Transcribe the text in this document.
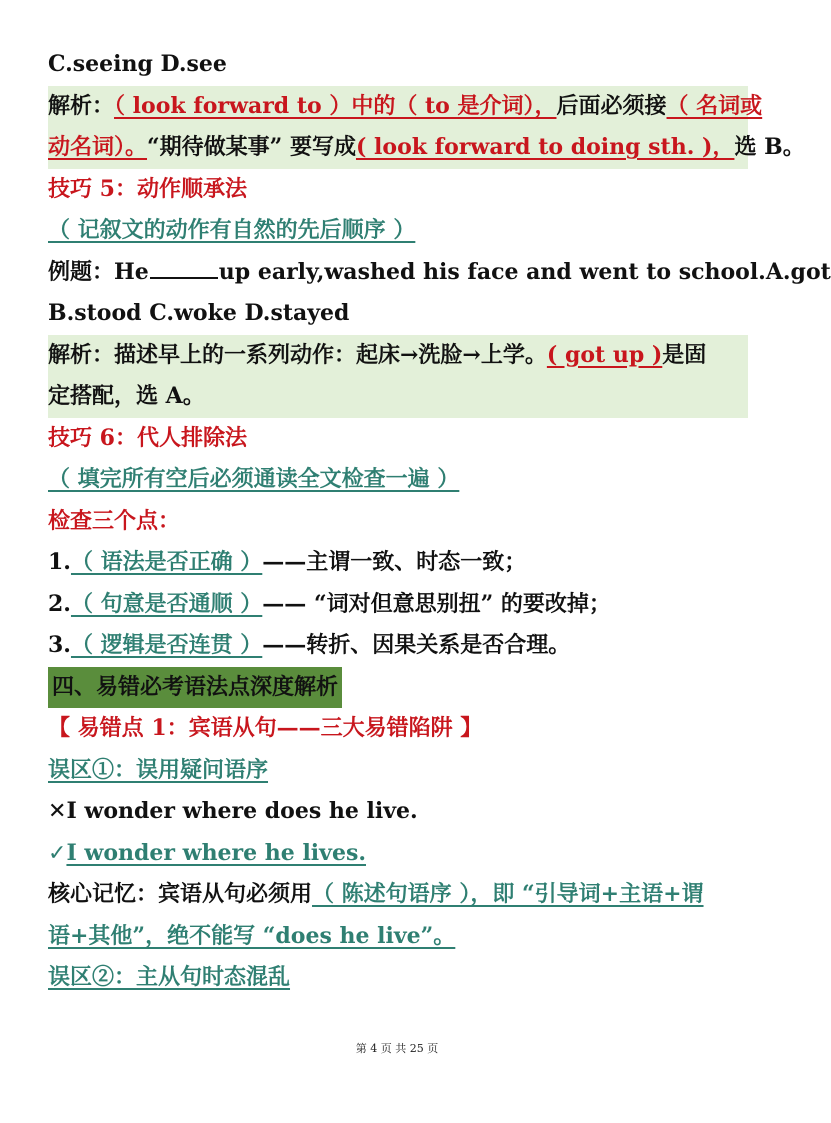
C.seeing D.see
解析：（ look forward to ）中的（ to 是介词），后面必须接（ 名词或
动名词）。“期待做某事” 要写成( look forward to doing sth. )，选 B。
技巧 5：动作顺承法
（ 记叙文的动作有自然的先后顺序 ）
例题：He	up early,washed his face and went to school.A.got
B.stood C.woke D.stayed
解析：描述早上的一系列动作：起床→洗脸→上学。( got up )是固
定搭配，选 A。
技巧 6：代人排除法
（ 填完所有空后必须通读全文检查一遍 ）
检查三个点：
1.（ 语法是否正确 ）——主谓一致、时态一致；
2.（ 句意是否通顺 ）—— “词对但意思别扭” 的要改掉；
3.（ 逻辑是否连贯 ）——转折、因果关系是否合理。
四、易错必考语法点深度解析
【 易错点 1：宾语从句——三大易错陷阱 】
误区①：误用疑问语序
✕I wonder where does he live.
✓I wonder where he lives.
核心记忆：宾语从句必须用（ 陈述句语序 ），即 “引导词+主语+谓
语+其他”，绝不能写 “does he live”。
误区②：主从句时态混乱
第 4 页 共 25 页
